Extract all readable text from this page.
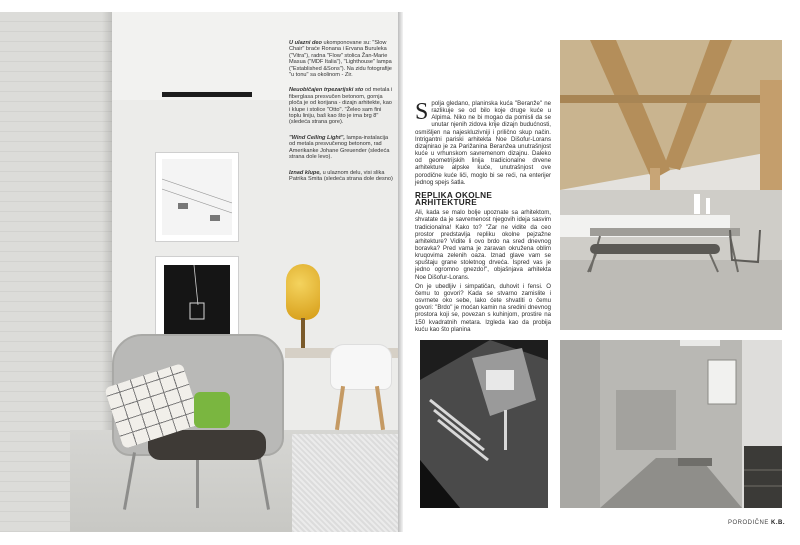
U ulazni deo ukomponovane su: "Slow Chair" braće Ronana i Ervana Burulekа ("Vitra"), radna "Flow" stolica Žan-Marie Masua ("MDF Italia"), "Lighthouse" lampa ("Established &Sons"). Na zidu fotografije "u tonu" sa okolinom - Zir.

Neuobičajen trpezarijski sto od metala i fiberglasa presvučen betonom, gornja ploča je od korijana - dizajn arhitekte, kao i klupe i stolice "Otto". "Želeo sam fini toplu liniju, baš kao što je ima brg 8" (sledeća strana gore).

"Wind Ceiling Light", lampa-instalacija od metala presvučenog betonom, rad Amerikanke Johane Greuender (sledeća strana dole levo).

Iznad klupe, u ulaznom delu, visi slika Patrika Smita (sledeća strana dole desno)

Spolja gledano, planinska kuća "Beranže" ne razlikuje se od bilo koje druge kuće u Alpima. Niko ne bi mogao da pomisli da se unutar njenih zidova krije dizajn budućnosti, osmišljen na najeskluzivniji i prilično skup način. Intrigantni pariski arhitekta Noe Dišofur-Lorans dizajnirao je za Parižanina Beranžea unutrašnjost kuće u vrhunskom savremenom dizajnu. Daleko od geometrijskih linija tradicionalne drvene arhitekture alpske kuće, unutrašnjost ove porodične kuće liči, moglo bi se reći, na enterijer jednog spejs šatla.

REPLIKA OKOLNE ARHITEKTURE

Ali, kada se malo bolje upoznate sa arhitektom, shvatate da je savremenost njegovih ideja sasvim tradicionalna! Kako to? "Zar ne vidite da ceo prostor predstavlja repliku okolne pejzažne arhitekture? Vidite li ovo brdo na sred dnevnog boravka? Pred vama je zaravan okružena oblim kruqovima zelenih oaza. Iznad glave vam se spuštaju grane stoletnog drveća. Ispred vas je jedno ogromno gnezdo!", objašnjava arhitekta Noe Dišofur-Lorans.

On je ubedljiv i simpatičan, duhovit i fensi. O čemu to govori? Kada se stvarno zamislite i osvrnete oko sebe, lako ćete shvatiti o čemu govori: "Brdo" je moćan kamin na sredini dnevnog prostora koji se, povezan s kuhinjom, prostire na 150 kvadratnih metara. Izgleda kao da probija kuću kao što planina

PORODIČNE K.B.
